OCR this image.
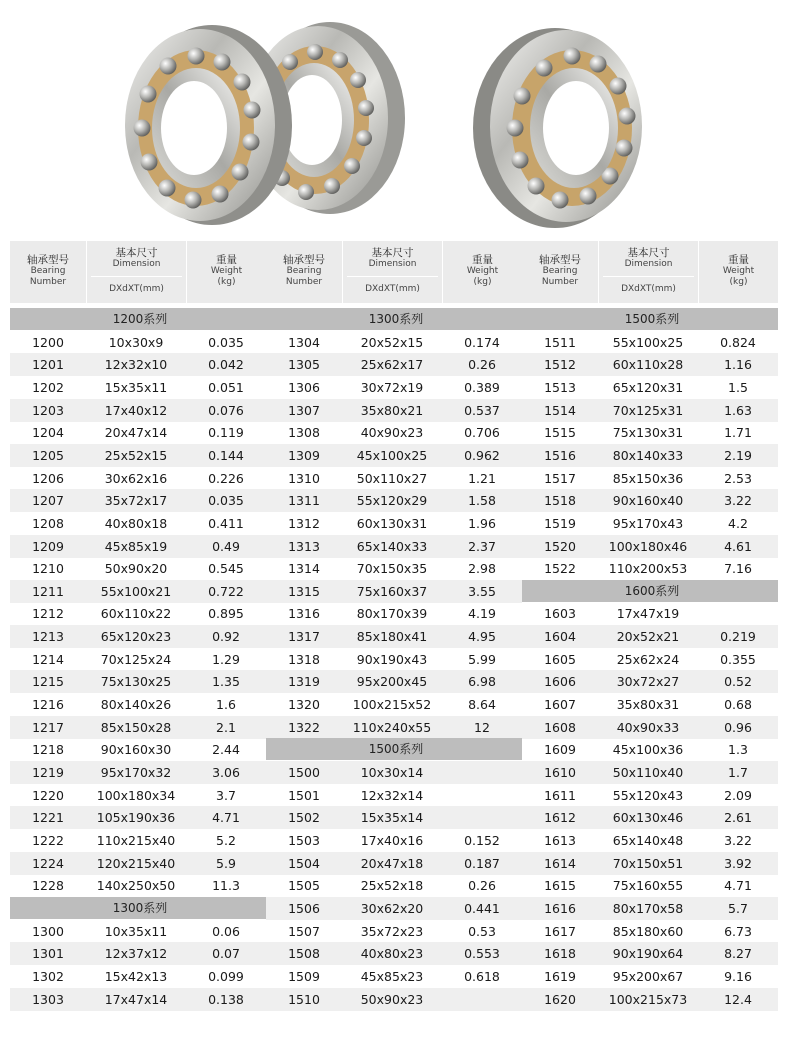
轴承型号
Bearing
Number
基本尺寸
Dimension
DXdXT(mm)
重量
Weight
(kg)
1200系列
1200	10x30x9	0.035
1201	12x32x10	0.042
1202	15x35x11	0.051
1203	17x40x12	0.076
1204	20x47x14	0.119
1205	25x52x15	0.144
1206	30x62x16	0.226
1207	35x72x17	0.035
1208	40x80x18	0.411
1209	45x85x19	0.49
1210	50x90x20	0.545
1211	55x100x21	0.722
1212	60x110x22	0.895
1213	65x120x23	0.92
1214	70x125x24	1.29
1215	75x130x25	1.35
1216	80x140x26	1.6
1217	85x150x28	2.1
1218	90x160x30	2.44
1219	95x170x32	3.06
1220	100x180x34	3.7
1221	105x190x36	4.71
1222	110x215x40	5.2
1224	120x215x40	5.9
1228	140x250x50	11.3
1300系列
1300	10x35x11	0.06
1301	12x37x12	0.07
1302	15x42x13	0.099
1303	17x47x14	0.138
轴承型号
Bearing
Number
基本尺寸
Dimension
DXdXT(mm)
重量
Weight
(kg)
1300系列
1304	20x52x15	0.174
1305	25x62x17	0.26
1306	30x72x19	0.389
1307	35x80x21	0.537
1308	40x90x23	0.706
1309	45x100x25	0.962
1310	50x110x27	1.21
1311	55x120x29	1.58
1312	60x130x31	1.96
1313	65x140x33	2.37
1314	70x150x35	2.98
1315	75x160x37	3.55
1316	80x170x39	4.19
1317	85x180x41	4.95
1318	90x190x43	5.99
1319	95x200x45	6.98
1320	100x215x52	8.64
1322	110x240x55	12
1500系列
1500	10x30x14
1501	12x32x14
1502	15x35x14
1503	17x40x16	0.152
1504	20x47x18	0.187
1505	25x52x18	0.26
1506	30x62x20	0.441
1507	35x72x23	0.53
1508	40x80x23	0.553
1509	45x85x23	0.618
1510	50x90x23
轴承型号
Bearing
Number
基本尺寸
Dimension
DXdXT(mm)
重量
Weight
(kg)
1500系列
1511	55x100x25	0.824
1512	60x110x28	1.16
1513	65x120x31	1.5
1514	70x125x31	1.63
1515	75x130x31	1.71
1516	80x140x33	2.19
1517	85x150x36	2.53
1518	90x160x40	3.22
1519	95x170x43	4.2
1520	100x180x46	4.61
1522	110x200x53	7.16
1600系列
1603	17x47x19
1604	20x52x21	0.219
1605	25x62x24	0.355
1606	30x72x27	0.52
1607	35x80x31	0.68
1608	40x90x33	0.96
1609	45x100x36	1.3
1610	50x110x40	1.7
1611	55x120x43	2.09
1612	60x130x46	2.61
1613	65x140x48	3.22
1614	70x150x51	3.92
1615	75x160x55	4.71
1616	80x170x58	5.7
1617	85x180x60	6.73
1618	90x190x64	8.27
1619	95x200x67	9.16
1620	100x215x73	12.4
